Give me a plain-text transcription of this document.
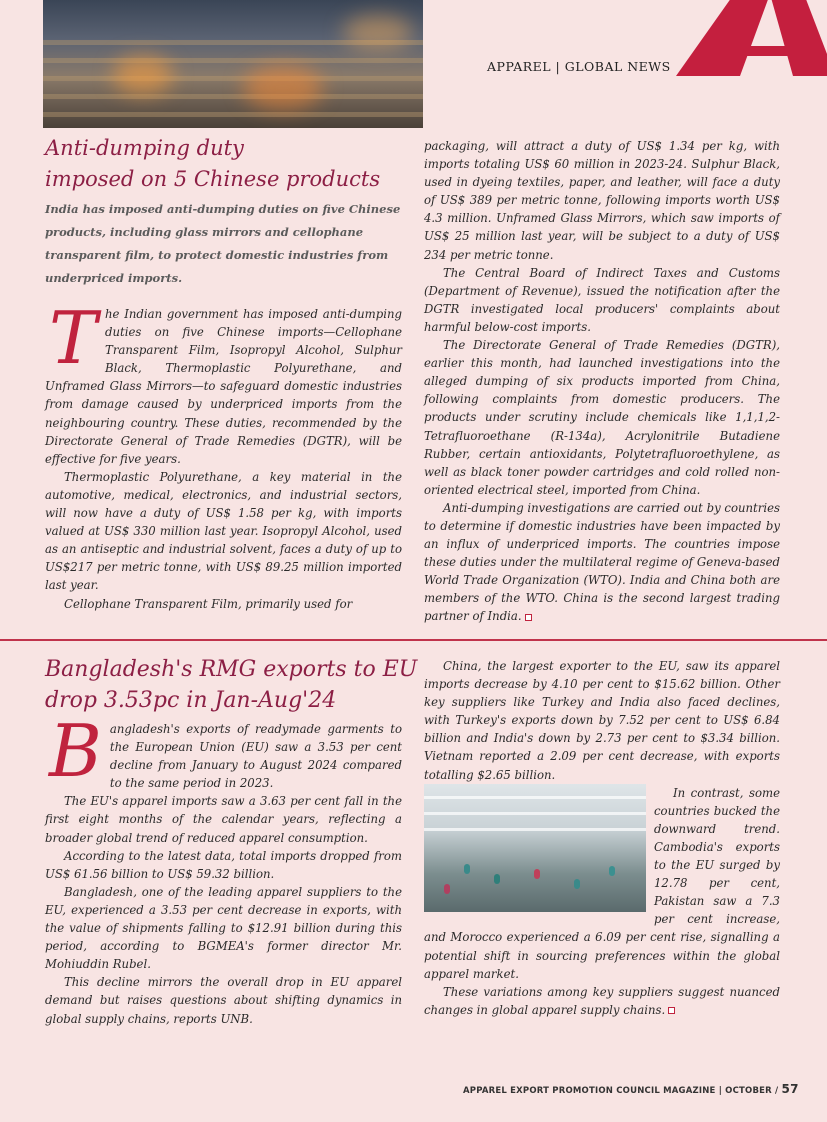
APPAREL | GLOBAL NEWS
Anti-dumping duty
imposed on 5 Chinese products
India has imposed anti-dumping duties on five Chinese products, including glass mirrors and cellophane transparent film, to protect domestic industries from underpriced imports.

The Indian government has imposed anti-dumping duties on five Chinese imports—Cellophane Transparent Film, Isopropyl Alcohol, Sulphur Black, Thermoplastic Polyurethane, and Unframed Glass Mirrors—to safeguard domestic industries from damage caused by underpriced imports from the neighbouring country. These duties, recommended by the Directorate General of Trade Remedies (DGTR), will be effective for five years.

Thermoplastic Polyurethane, a key material in the automotive, medical, electronics, and industrial sectors, will now have a duty of US$ 1.58 per kg, with imports valued at US$ 330 million last year. Isopropyl Alcohol, used as an antiseptic and industrial solvent, faces a duty of up to US$217 per metric tonne, with US$ 89.25 million imported last year.

Cellophane Transparent Film, primarily used for

packaging, will attract a duty of US$ 1.34 per kg, with imports totaling US$ 60 million in 2023-24. Sulphur Black, used in dyeing textiles, paper, and leather, will face a duty of US$ 389 per metric tonne, following imports worth US$ 4.3 million. Unframed Glass Mirrors, which saw imports of US$ 25 million last year, will be subject to a duty of US$ 234 per metric tonne.

The Central Board of Indirect Taxes and Customs (Department of Revenue), issued the notification after the DGTR investigated local producers' complaints about harmful below-cost imports.

The Directorate General of Trade Remedies (DGTR), earlier this month, had launched investigations into the alleged dumping of six products imported from China, following complaints from domestic producers. The products under scrutiny include chemicals like 1,1,1,2-Tetrafluoroethane (R-134a), Acrylonitrile Butadiene Rubber, certain antioxidants, Polytetrafluoroethylene, as well as black toner powder cartridges and cold rolled non-oriented electrical steel, imported from China.

Anti-dumping investigations are carried out by countries to determine if domestic industries have been impacted by an influx of underpriced imports. The countries impose these duties under the multilateral regime of Geneva-based World Trade Organization (WTO). India and China both are members of the WTO. China is the second largest trading partner of India.

Bangladesh's RMG exports to EU
drop 3.53pc in Jan-Aug'24

Bangladesh's exports of readymade garments to the European Union (EU) saw a 3.53 per cent decline from January to August 2024 compared to the same period in 2023.

The EU's apparel imports saw a 3.63 per cent fall in the first eight months of the calendar years, reflecting a broader global trend of reduced apparel consumption.

According to the latest data, total imports dropped from US$ 61.56 billion to US$ 59.32 billion.

Bangladesh, one of the leading apparel suppliers to the EU, experienced a 3.53 per cent decrease in exports, with the value of shipments falling to $12.91 billion during this period, according to BGMEA's former director Mr. Mohiuddin Rubel.

This decline mirrors the overall drop in EU apparel demand but raises questions about shifting dynamics in global supply chains, reports UNB.

China, the largest exporter to the EU, saw its apparel imports decrease by 4.10 per cent to $15.62 billion. Other key suppliers like Turkey and India also faced declines, with Turkey's exports down by 7.52 per cent to US$ 6.84 billion and India's down by 2.73 per cent to $3.34 billion. Vietnam reported a 2.09 per cent decrease, with exports totalling $2.65 billion.

In contrast, some countries bucked the downward trend. Cambodia's exports to the EU surged by 12.78 per cent, Pakistan saw a 7.3 per cent increase, and Morocco experienced a 6.09 per cent rise, signalling a potential shift in sourcing preferences within the global apparel market.

These variations among key suppliers suggest nuanced changes in global apparel supply chains.

APPAREL EXPORT PROMOTION COUNCIL MAGAZINE | OCTOBER / 57
